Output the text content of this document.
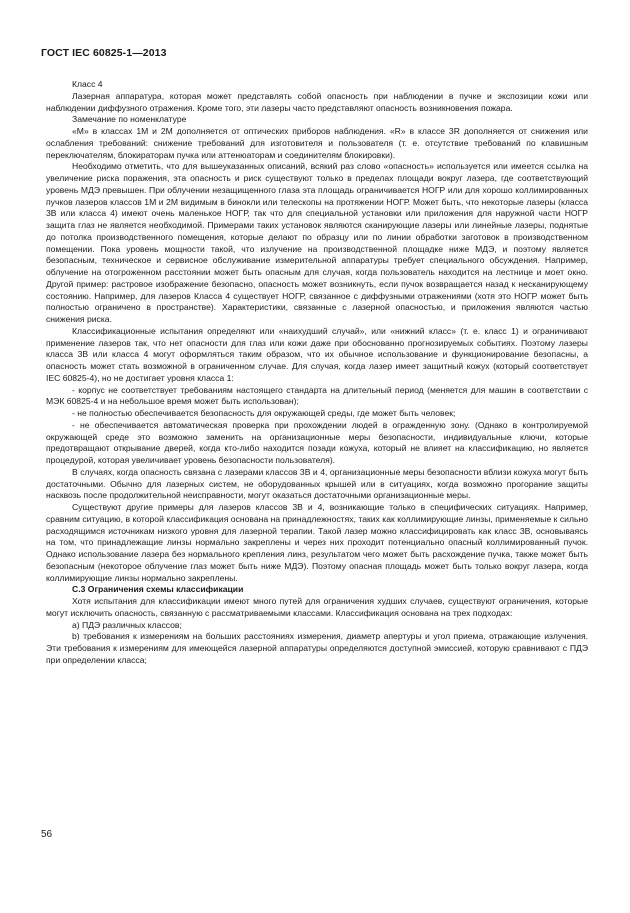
ГОСТ IEC 60825-1—2013

Класс 4

Лазерная аппаратура, которая может представлять собой опасность при наблюдении в пучке и экспозиции кожи или наблюдении диффузного отражения. Кроме того, эти лазеры часто представляют опасность возникновения пожара.

Замечание по номенклатуре

«М» в классах 1М и 2М дополняется от оптических приборов наблюдения. «R» в классе 3R дополняется от снижения или ослабления требований: снижение требований для изготовителя и пользователя (т. е. отсутствие требований по клавишным переключателям, блокираторам пучка или аттенюаторам и соединителям блокировки).

Необходимо отметить, что для вышеуказанных описаний, всякий раз слово «опасность» используется или имеется ссылка на увеличение риска поражения, эта опасность и риск существуют только в пределах площади вокруг лазера, где соответствующий уровень МДЭ превышен. При облучении незащищенного глаза эта площадь ограничивается НОГР или для хорошо коллимированных пучков лазеров классов 1М и 2М видимым в бинокли или телескопы на протяжении НОГР. Может быть, что некоторые лазеры (класса 3В или класса 4) имеют очень маленькое НОГР, так что для специальной установки или приложения для наружной части НОГР защита глаз не является необходимой. Примерами таких установок являются сканирующие лазеры или линейные лазеры, поднятые до потолка производственного помещения, которые делают по образцу или по линии обработки заготовок в производственном помещении. Пока уровень мощности такой, что излучение на производственной площадке ниже МДЭ, и поэтому является безопасным, техническое и сервисное обслуживание измерительной аппаратуры требует специального обсуждения. Например, облучение на отогроженном расстоянии может быть опасным для случая, когда пользователь находится на лестнице и моет окно. Другой пример: растровое изображение безопасно, опасность может возникнуть, если пучок возвращается назад к несканирующему состоянию. Например, для лазеров Класса 4 существует НОГР, связанное с диффузными отражениями (хотя это НОГР может быть полностью ограничено в пространстве). Характеристики, связанные с лазерной опасностью, и приложения являются частью снижения риска.

Классификационные испытания определяют или «наихудший случай», или «нижний класс» (т. е. класс 1) и ограничивают применение лазеров так, что нет опасности для глаз или кожи даже при обоснованно прогнозируемых событиях. Поэтому лазеры класса 3В или класса 4 могут оформляться таким образом, что их обычное использование и функционирование безопасны, а опасность может стать возможной в ограниченном случае. Для случая, когда лазер имеет защитный кожух (который соответствует IEC 60825-4), но не достигает уровня класса 1:

- корпус не соответствует требованиям настоящего стандарта на длительный период (меняется для машин в соответствии с МЭК 60825-4 и на небольшое время может быть использован);

- не полностью обеспечивается безопасность для окружающей среды, где может быть человек;

- не обеспечивается автоматическая проверка при прохождении людей в огражденную зону. (Однако в контролируемой окружающей среде это возможно заменить на организационные меры безопасности, индивидуальные ключи, которые предотвращают открывание дверей, когда кто-либо находится позади кожуха, который не влияет на классификацию, но является процедурой, которая увеличивает уровень безопасности пользователя).

В случаях, когда опасность связана с лазерами классов 3В и 4, организационные меры безопасности вблизи кожуха могут быть достаточными. Обычно для лазерных систем, не оборудованных крышей или в ситуациях, когда возможно прогорание защиты насквозь после продолжительной неисправности, могут оказаться достаточными организационные меры.

Существуют другие примеры для лазеров классов 3В и 4, возникающие только в специфических ситуациях. Например, сравним ситуацию, в которой классификация основана на принадлежностях, таких как коллимирующие линзы, применяемые к сильно расходящимся источникам низкого уровня для лазерной терапии. Такой лазер можно классифицировать как класс 3В, основываясь на том, что принадлежащие линзы нормально закреплены и через них проходит потенциально опасный коллимированный пучок. Однако использование лазера без нормального крепления линз, результатом чего может быть расхождение пучка, также может быть безопасным (некоторое облучение глаз может быть ниже МДЭ). Поэтому опасная площадь может быть только вокруг лазера, когда коллимирующие линзы нормально закреплены.

С.3 Ограничения схемы классификации

Хотя испытания для классификации имеют много путей для ограничения худших случаев, существуют ограничения, которые могут исключить опасность, связанную с рассматриваемыми классами. Классификация основана на трех подходах:

а) ПДЭ различных классов;

b) требования к измерениям на больших расстояниях измерения, диаметр апертуры и угол приема, отражающие излучения. Эти требования к измерениям для имеющейся лазерной аппаратуры определяются доступной эмиссией, которую сравнивают с ПДЭ при определении класса;

56
